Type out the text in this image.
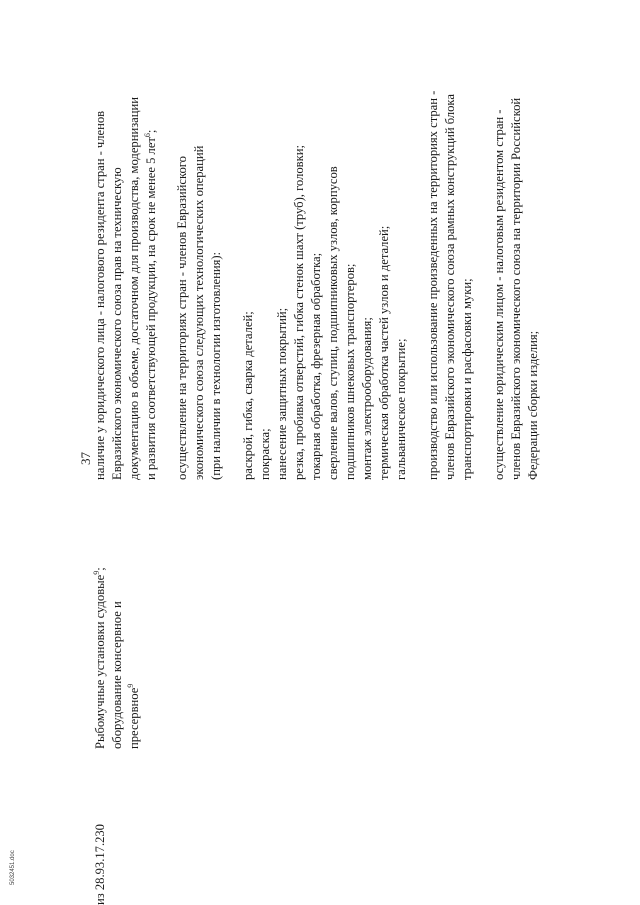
37
из 28.93.17.230
Рыбомучные установки судовые$^9$;
оборудование консервное и пресервное$^9$
наличие у юридического лица - налогового резидента стран - членов Евразийского экономического союза прав на техническую документацию в объеме, достаточном для производства, модернизации и развития соответствующей продукции, на срок не менее 5 лет$^6$;
осуществление на территориях стран - членов Евразийского экономического союза следующих технологических операций (при наличии в технологии изготовления): раскрой, гибка, сварка деталей; покраска; нанесение защитных покрытий; резка, пробивка отверстий, гибка стенок шахт (труб), головки; токарная обработка, фрезерная обработка; сверление валов, ступиц, подшипниковых узлов, корпусов подшипников шнековых транспортеров; монтаж электрооборудования; термическая обработка частей узлов и деталей; гальваническое покрытие; производство или использование произведенных на территориях стран - членов Евразийского экономического союза рамных конструкций блока транспортировки и расфасовки муки; осуществление юридическим лицом - налоговым резидентом стран - членов Евразийского экономического союза на территории Российской Федерации сборки изделия;
5032451.doc
